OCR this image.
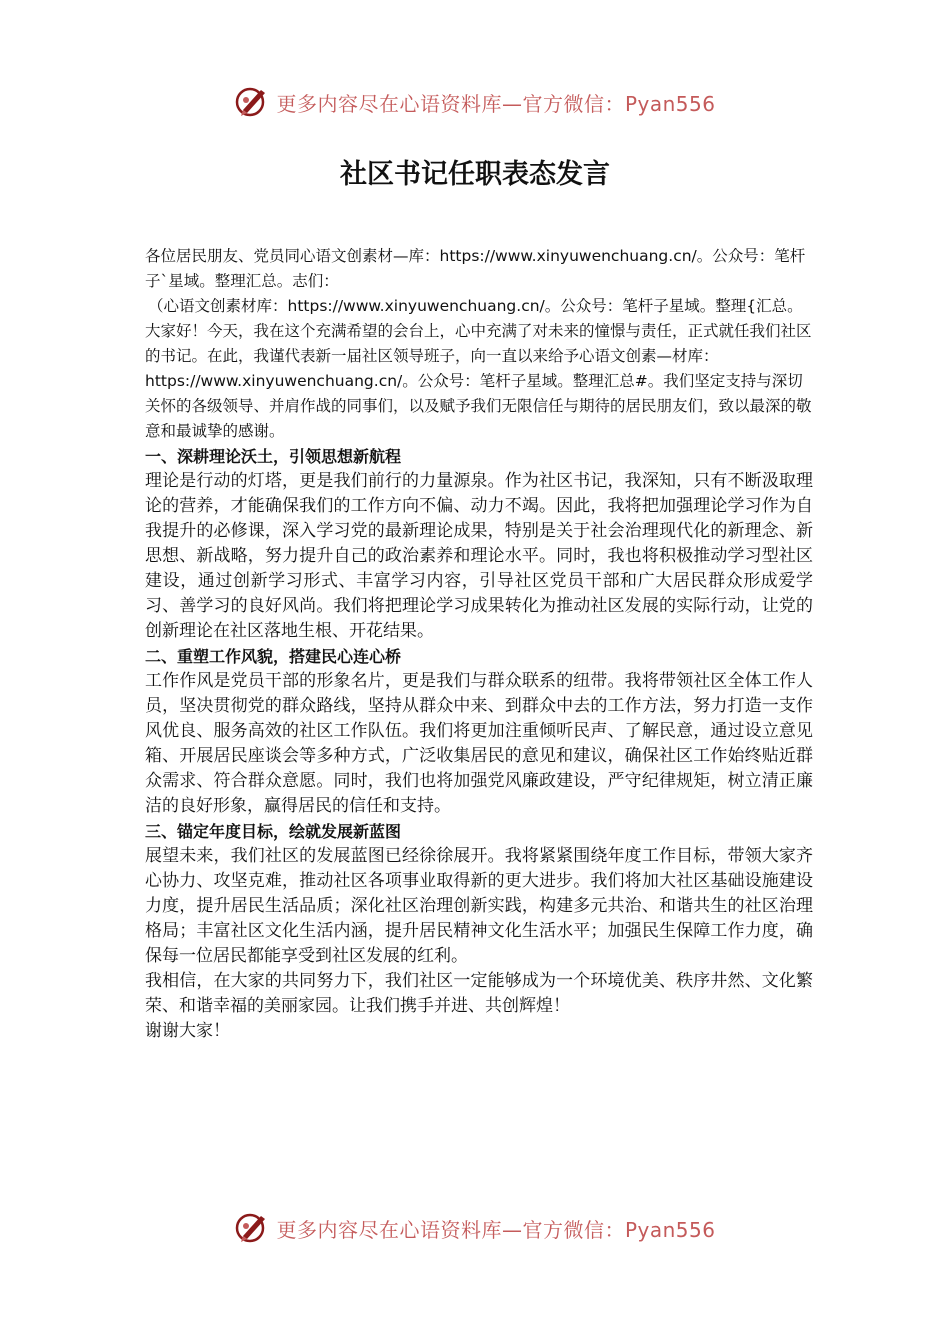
更多内容尽在心语资料库—官方微信：Pyan556
社区书记任职表态发言

各位居民朋友、党员同心语文创素材—库：https://www.xinyuwenchuang.cn/。公众号：笔杆子`星域。整理汇总。志们：

（心语文创素材库：https://www.xinyuwenchuang.cn/。公众号：笔杆子星域。整理{汇总。

大家好！今天，我在这个充满希望的会台上，心中充满了对未来的憧憬与责任，正式就任我们社区的书记。在此，我谨代表新一届社区领导班子，向一直以来给予心语文创素—材库：https://www.xinyuwenchuang.cn/。公众号：笔杆子星域。整理汇总#。我们坚定支持与深切关怀的各级领导、并肩作战的同事们，以及赋予我们无限信任与期待的居民朋友们，致以最深的敬意和最诚挚的感谢。

一、深耕理论沃土，引领思想新航程

理论是行动的灯塔，更是我们前行的力量源泉。作为社区书记，我深知，只有不断汲取理论的营养，才能确保我们的工作方向不偏、动力不竭。因此，我将把加强理论学习作为自我提升的必修课，深入学习党的最新理论成果，特别是关于社会治理现代化的新理念、新思想、新战略，努力提升自己的政治素养和理论水平。同时，我也将积极推动学习型社区建设，通过创新学习形式、丰富学习内容，引导社区党员干部和广大居民群众形成爱学习、善学习的良好风尚。我们将把理论学习成果转化为推动社区发展的实际行动，让党的创新理论在社区落地生根、开花结果。

二、重塑工作风貌，搭建民心连心桥

工作作风是党员干部的形象名片，更是我们与群众联系的纽带。我将带领社区全体工作人员，坚决贯彻党的群众路线，坚持从群众中来、到群众中去的工作方法，努力打造一支作风优良、服务高效的社区工作队伍。我们将更加注重倾听民声、了解民意，通过设立意见箱、开展居民座谈会等多种方式，广泛收集居民的意见和建议，确保社区工作始终贴近群众需求、符合群众意愿。同时，我们也将加强党风廉政建设，严守纪律规矩，树立清正廉洁的良好形象，赢得居民的信任和支持。

三、锚定年度目标，绘就发展新蓝图

展望未来，我们社区的发展蓝图已经徐徐展开。我将紧紧围绕年度工作目标，带领大家齐心协力、攻坚克难，推动社区各项事业取得新的更大进步。我们将加大社区基础设施建设力度，提升居民生活品质；深化社区治理创新实践，构建多元共治、和谐共生的社区治理格局；丰富社区文化生活内涵，提升居民精神文化生活水平；加强民生保障工作力度，确保每一位居民都能享受到社区发展的红利。

我相信，在大家的共同努力下，我们社区一定能够成为一个环境优美、秩序井然、文化繁荣、和谐幸福的美丽家园。让我们携手并进、共创辉煌！

谢谢大家！

更多内容尽在心语资料库—官方微信：Pyan556
